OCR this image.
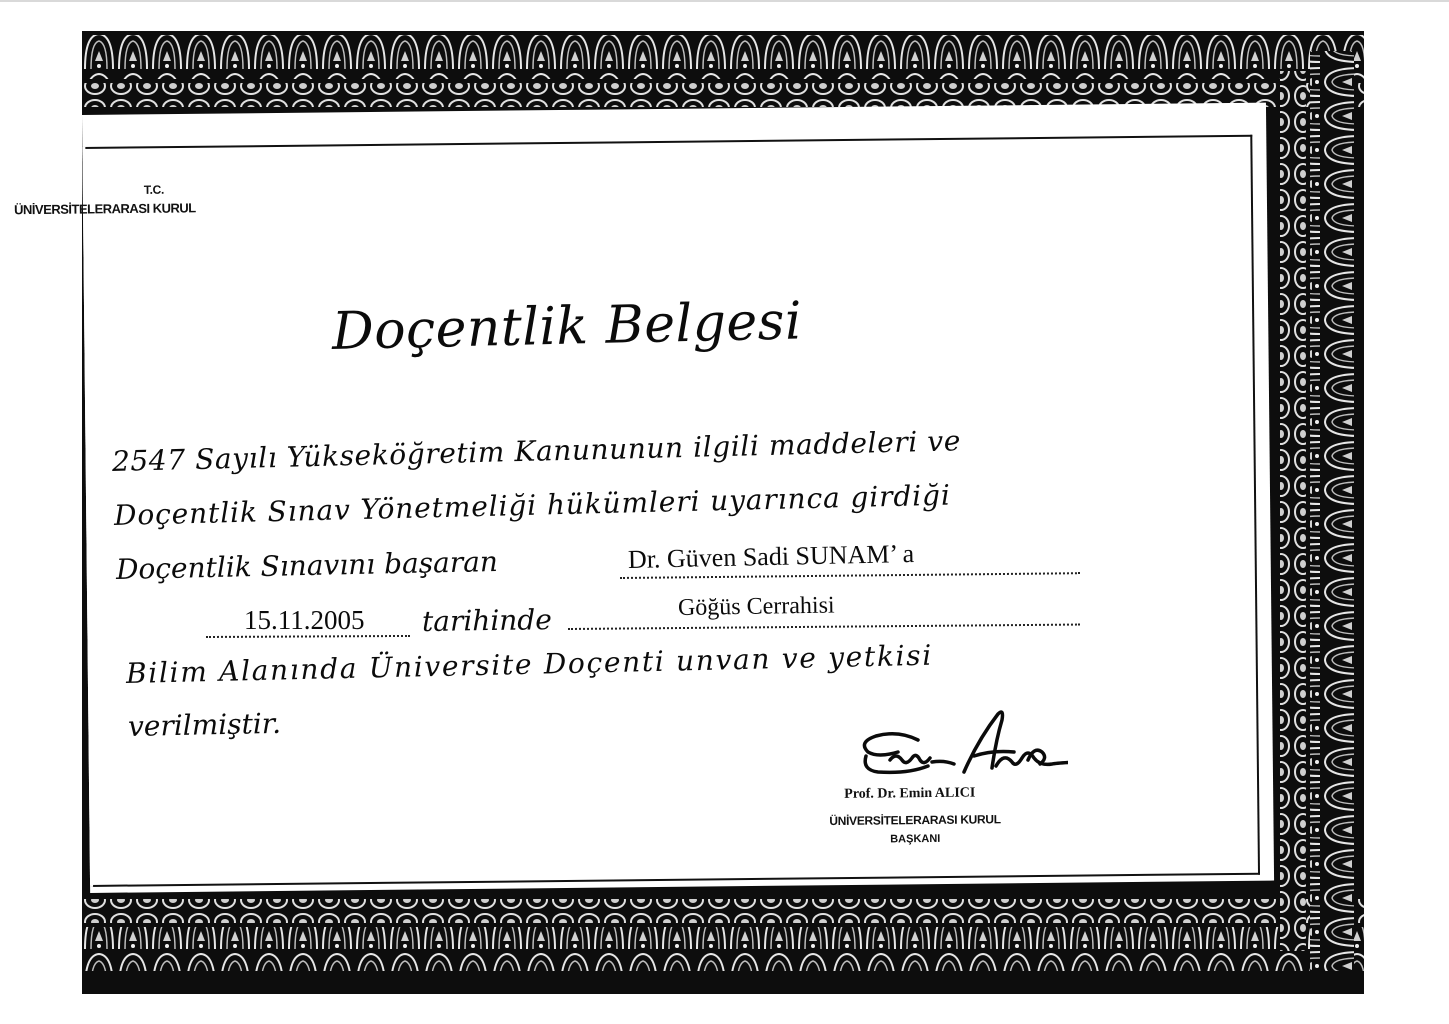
T.C.
ÜNİVERSİTELERARASI KURUL
Doçentlik Belgesi
2547 Sayılı Yükseköğretim Kanununun ilgili maddeleri ve
Doçentlik Sınav Yönetmeliği hükümleri uyarınca girdiği
Doçentlik Sınavını başaran	Dr. Güven Sadi SUNAM’ a
15.11.2005 tarihinde	Göğüs Cerrahisi
Bilim Alanında Üniversite Doçenti unvan ve yetkisi
verilmiştir.
Prof. Dr. Emin ALICI
ÜNİVERSİTELERARASI KURUL
BAŞKANI
